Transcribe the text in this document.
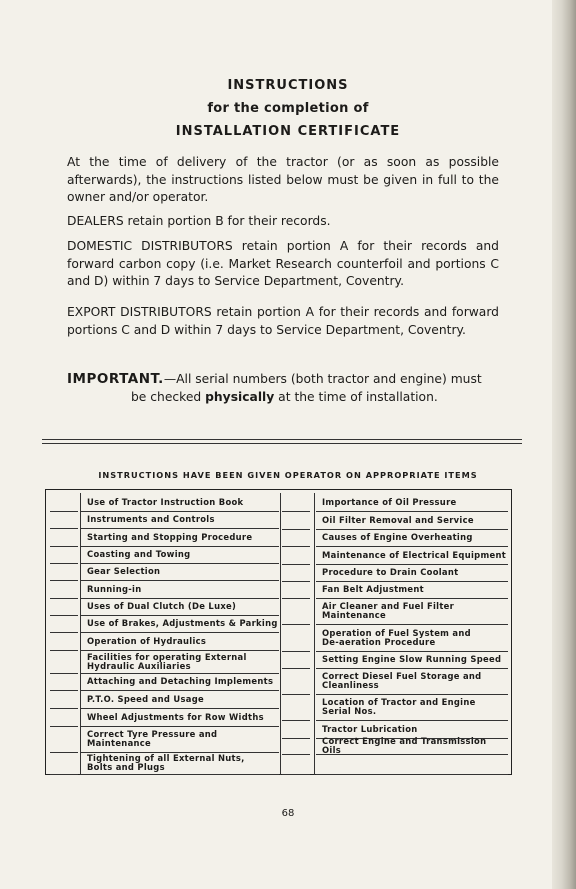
INSTRUCTIONS
for the completion of
INSTALLATION CERTIFICATE
At the time of delivery of the tractor (or as soon as possible afterwards), the instructions listed below must be given in full to the owner and/or operator.
DEALERS retain portion B for their records.
DOMESTIC DISTRIBUTORS retain portion A for their records and forward carbon copy (i.e. Market Research counterfoil and portions C and D) within 7 days to Service Department, Coventry.
EXPORT DISTRIBUTORS retain portion A for their records and forward portions C and D within 7 days to Service Department, Coventry.
IMPORTANT.—All serial numbers (both tractor and engine) must
be checked physically at the time of installation.
INSTRUCTIONS HAVE BEEN GIVEN OPERATOR ON APPROPRIATE ITEMS
Use of Tractor Instruction Book
Instruments and Controls
Starting and Stopping Procedure
Coasting and Towing
Gear Selection
Running-in
Uses of Dual Clutch (De Luxe)
Use of Brakes, Adjustments & Parking
Operation of Hydraulics
Facilities for operating External Hydraulic Auxiliaries
Attaching and Detaching Implements
P.T.O. Speed and Usage
Wheel Adjustments for Row Widths
Correct Tyre Pressure and Maintenance
Tightening of all External Nuts, Bolts and Plugs
Importance of Oil Pressure
Oil Filter Removal and Service
Causes of Engine Overheating
Maintenance of Electrical Equipment
Procedure to Drain Coolant
Fan Belt Adjustment
Air Cleaner and Fuel Filter Maintenance
Operation of Fuel System and De-aeration Procedure
Setting Engine Slow Running Speed
Correct Diesel Fuel Storage and Cleanliness
Location of Tractor and Engine Serial Nos.
Tractor Lubrication
Correct Engine and Transmission Oils
68
